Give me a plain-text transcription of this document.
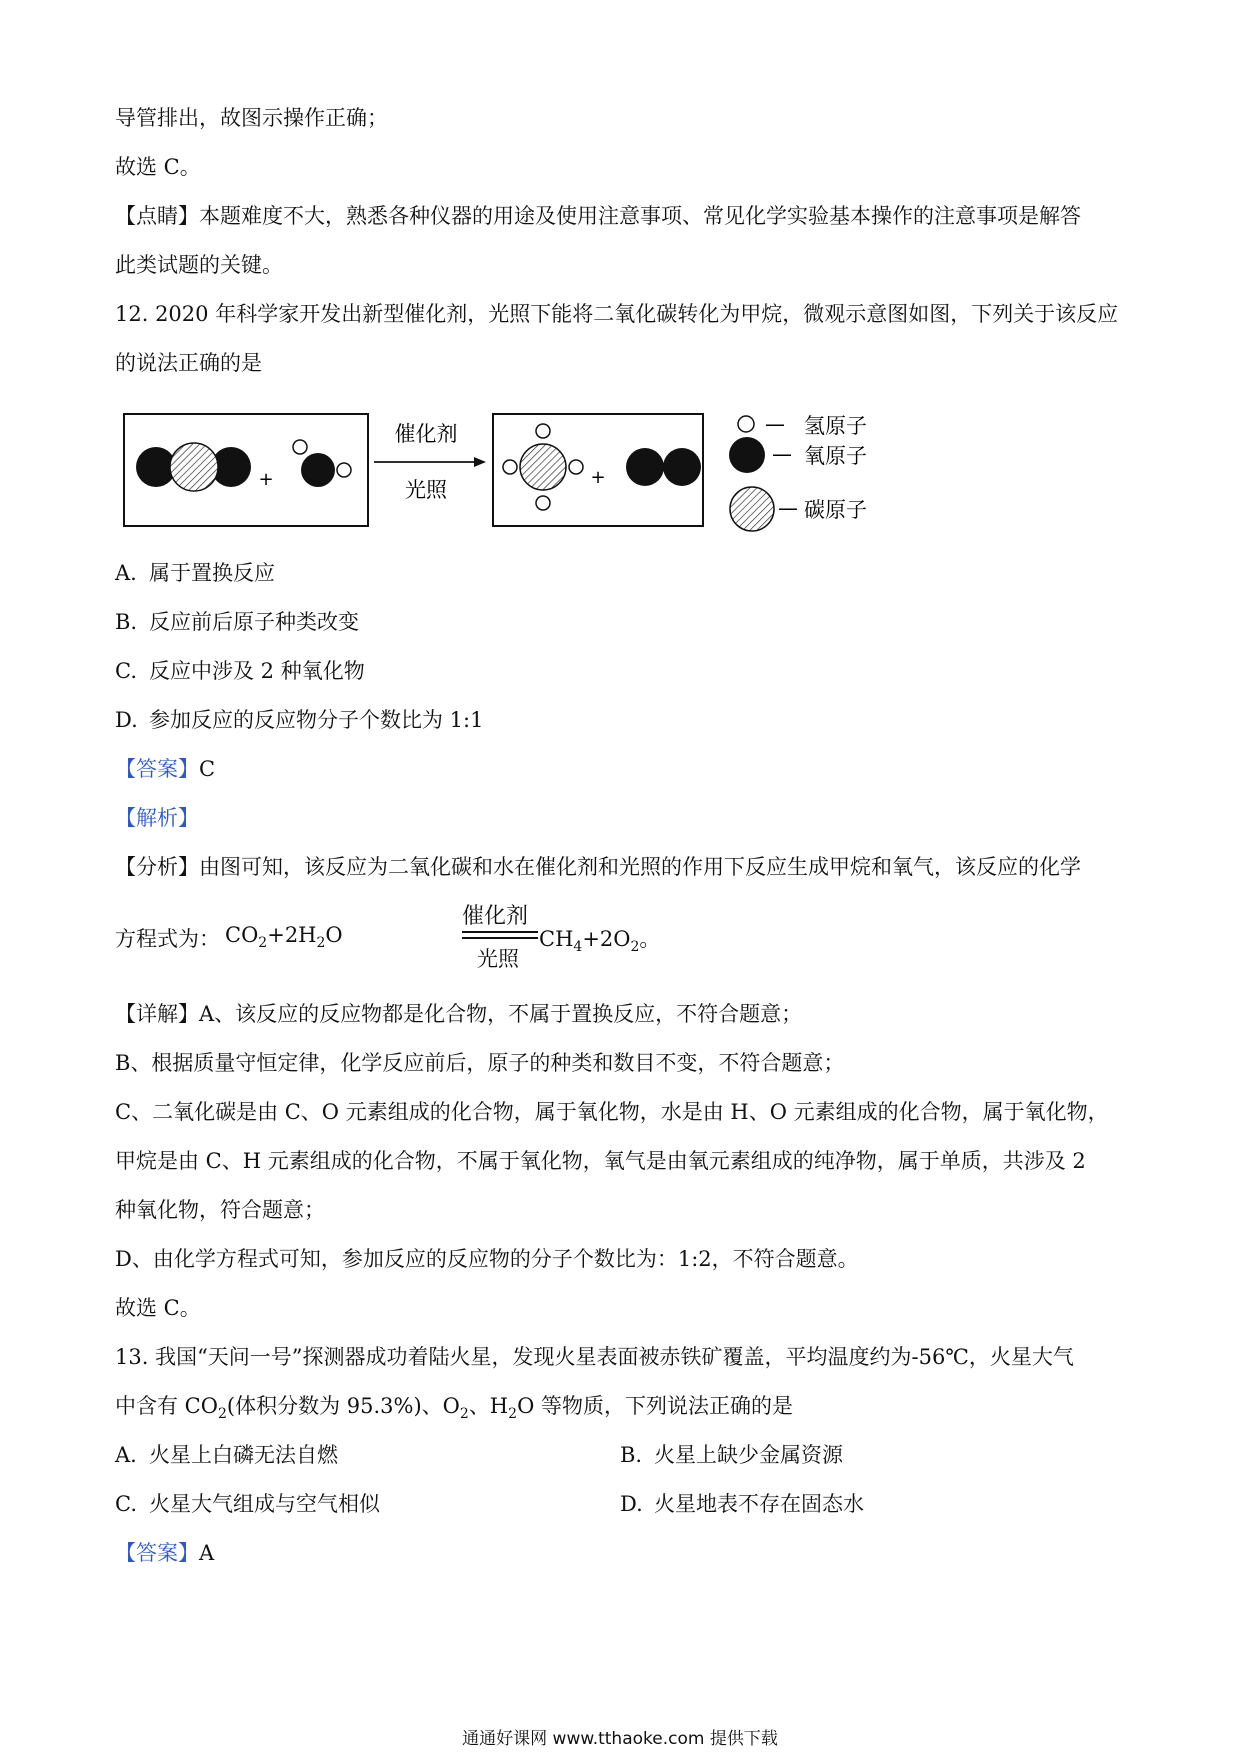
导管排出，故图示操作正确；
故选 C。
【点睛】本题难度不大，熟悉各种仪器的用途及使用注意事项、常见化学实验基本操作的注意事项是解答
此类试题的关键。
12. 2020 年科学家开发出新型催化剂，光照下能将二氧化碳转化为甲烷，微观示意图如图，下列关于该反应
的说法正确的是
+
催化剂
光照
+
— 氢原子
— 氧原子
— 碳原子
A. 属于置换反应
B. 反应前后原子种类改变
C. 反应中涉及 2 种氧化物
D. 参加反应的反应物分子个数比为 1:1
【答案】C
【解析】
【分析】由图可知，该反应为二氧化碳和水在催化剂和光照的作用下反应生成甲烷和氧气，该反应的化学
方程式为： $CO_2+2H_2O$
催化剂
光照
$CH_4+2O_2$。
【详解】A、该反应的反应物都是化合物，不属于置换反应，不符合题意；
B、根据质量守恒定律，化学反应前后，原子的种类和数目不变，不符合题意；
C、二氧化碳是由 C、O 元素组成的化合物，属于氧化物，水是由 H、O 元素组成的化合物，属于氧化物，
甲烷是由 C、H 元素组成的化合物，不属于氧化物，氧气是由氧元素组成的纯净物，属于单质，共涉及 2
种氧化物，符合题意；
D、由化学方程式可知，参加反应的反应物的分子个数比为：1:2，不符合题意。
故选 C。
13. 我国“天问一号”探测器成功着陆火星，发现火星表面被赤铁矿覆盖，平均温度约为-56℃，火星大气
中含有 $CO_2$(体积分数为 95.3%)、$O_2$、$H_2O$ 等物质，下列说法正确的是
A. 火星上白磷无法自燃	B. 火星上缺少金属资源
C. 火星大气组成与空气相似	D. 火星地表不存在固态水
【答案】A
通通好课网 www.tthaoke.com 提供下载
